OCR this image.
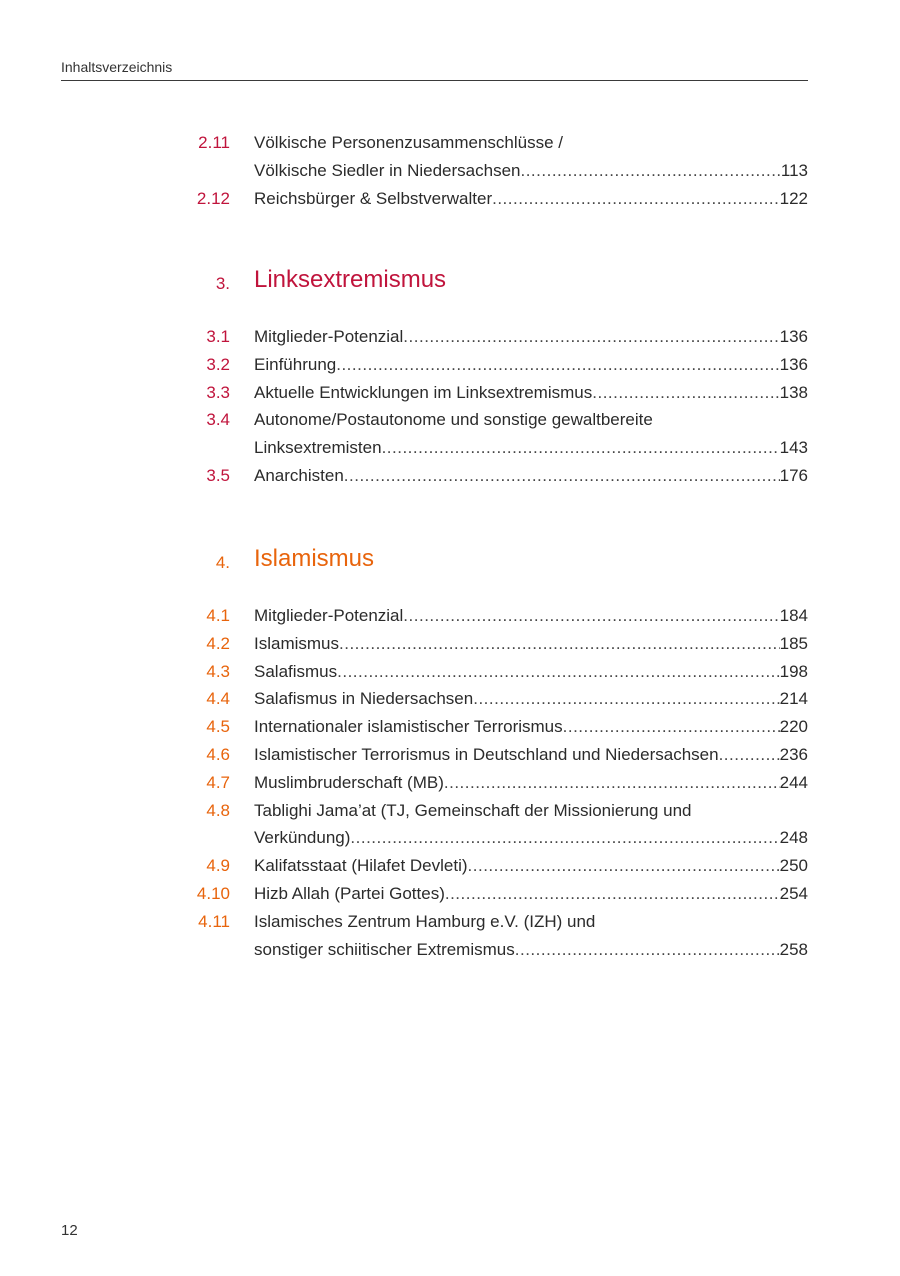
Inhaltsverzeichnis
2.11 Völkische Personenzusammenschlüsse /
Völkische Siedler in Niedersachsen .....	113
2.12 Reichsbürger & Selbstverwalter .....	122
3. Linksextremismus
3.1 Mitglieder-Potenzial .....	136
3.2 Einführung .....	136
3.3 Aktuelle Entwicklungen im Linksextremismus .....	138
3.4 Autonome/Postautonome und sonstige gewaltbereite
Linksextremisten .....	143
3.5 Anarchisten .....	176
4. Islamismus
4.1 Mitglieder-Potenzial .....	184
4.2 Islamismus .....	185
4.3 Salafismus .....	198
4.4 Salafismus in Niedersachsen .....	214
4.5 Internationaler islamistischer Terrorismus .....	220
4.6 Islamistischer Terrorismus in Deutschland und Niedersachsen .....	236
4.7 Muslimbruderschaft (MB) .....	244
4.8 Tablighi Jama’at (TJ, Gemeinschaft der Missionierung und
Verkündung) .....	248
4.9 Kalifatsstaat (Hilafet Devleti) .....	250
4.10 Hizb Allah (Partei Gottes) .....	254
4.11 Islamisches Zentrum Hamburg e.V. (IZH) und
sonstiger schiitischer Extremismus .....	258
12
